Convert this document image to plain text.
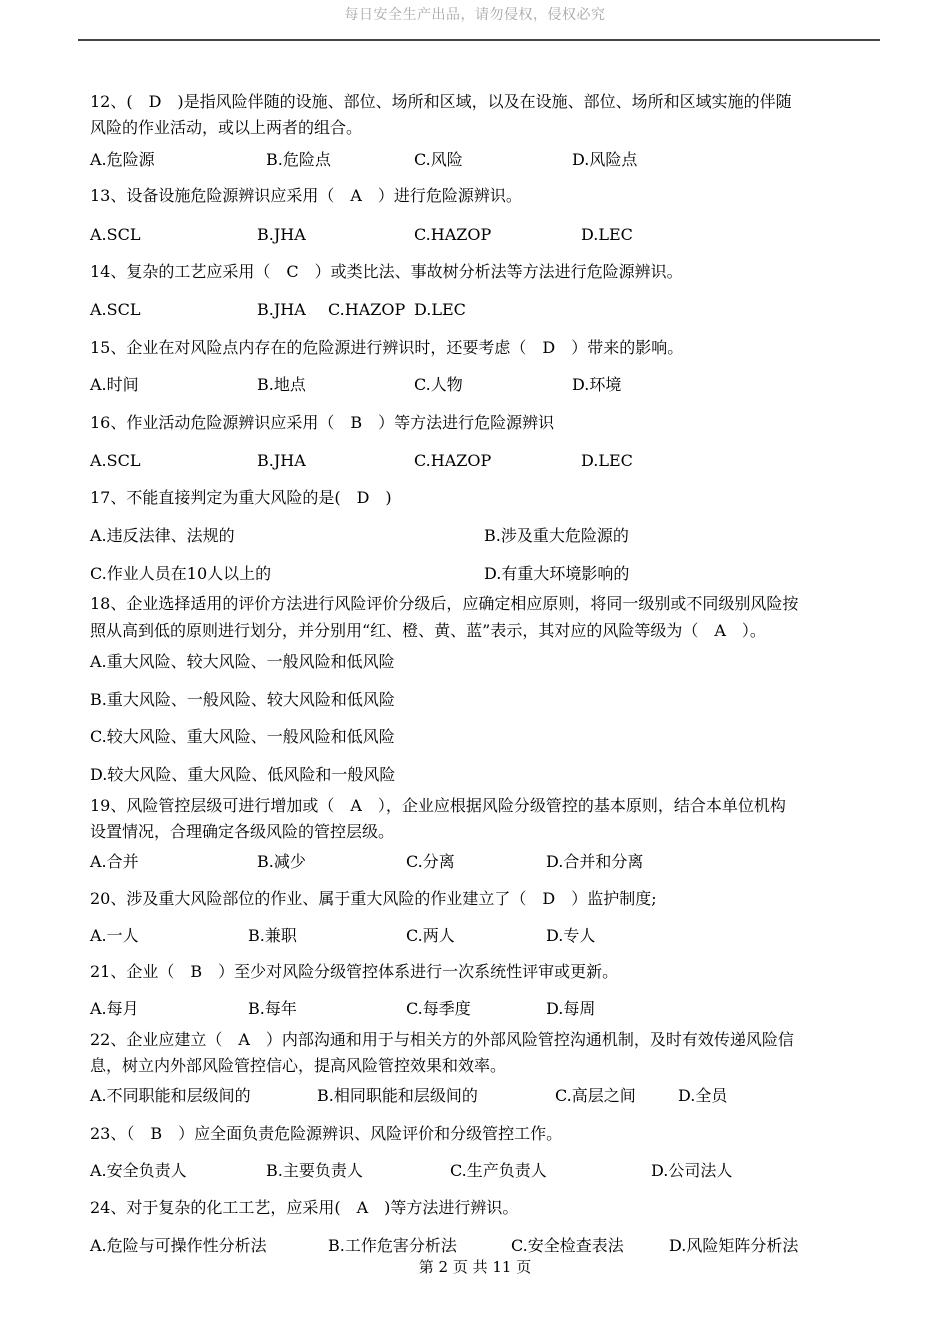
每日安全生产出品，请勿侵权，侵权必究
12、(　D　)是指风险伴随的设施、部位、场所和区域，以及在设施、部位、场所和区域实施的伴随
风险的作业活动，或以上两者的组合。
A.危险源	B.危险点	C.风险	D.风险点
13、设备设施危险源辨识应采用（　A　）进行危险源辨识。
A.SCL	B.JHA	C.HAZOP	D.LEC
14、复杂的工艺应采用（　C　）或类比法、事故树分析法等方法进行危险源辨识。
A.SCL	B.JHA C.HAZOP D.LEC
15、企业在对风险点内存在的危险源进行辨识时，还要考虑（　D　）带来的影响。
A.时间	B.地点	C.人物	D.环境
16、作业活动危险源辨识应采用（　B　）等方法进行危险源辨识
A.SCL	B.JHA	C.HAZOP	D.LEC
17、不能直接判定为重大风险的是(　D　)
A.违反法律、法规的	B.涉及重大危险源的
C.作业人员在10人以上的	D.有重大环境影响的
18、企业选择适用的评价方法进行风险评价分级后，应确定相应原则，将同一级别或不同级别风险按
照从高到低的原则进行划分，并分别用“红、橙、黄、蓝”表示，其对应的风险等级为（　A　）。
A.重大风险、较大风险、一般风险和低风险
B.重大风险、一般风险、较大风险和低风险
C.较大风险、重大风险、一般风险和低风险
D.较大风险、重大风险、低风险和一般风险
19、风险管控层级可进行增加或（　A　），企业应根据风险分级管控的基本原则，结合本单位机构
设置情况，合理确定各级风险的管控层级。
A.合并	B.减少	C.分离	D.合并和分离
20、涉及重大风险部位的作业、属于重大风险的作业建立了（　D　）监护制度;
A.一人	B.兼职	C.两人	D.专人
21、企业（　B　）至少对风险分级管控体系进行一次系统性评审或更新。
A.每月	B.每年	C.每季度	D.每周
22、企业应建立（　A　）内部沟通和用于与相关方的外部风险管控沟通机制，及时有效传递风险信
息，树立内外部风险管控信心，提高风险管控效果和效率。
A.不同职能和层级间的	B.相同职能和层级间的	C.高层之间	D.全员
23、（　B　）应全面负责危险源辨识、风险评价和分级管控工作。
A.安全负责人	B.主要负责人	C.生产负责人	D.公司法人
24、对于复杂的化工工艺，应采用(　A　)等方法进行辨识。
A.危险与可操作性分析法	B.工作危害分析法	C.安全检查表法	D.风险矩阵分析法
第 2 页 共 11 页
